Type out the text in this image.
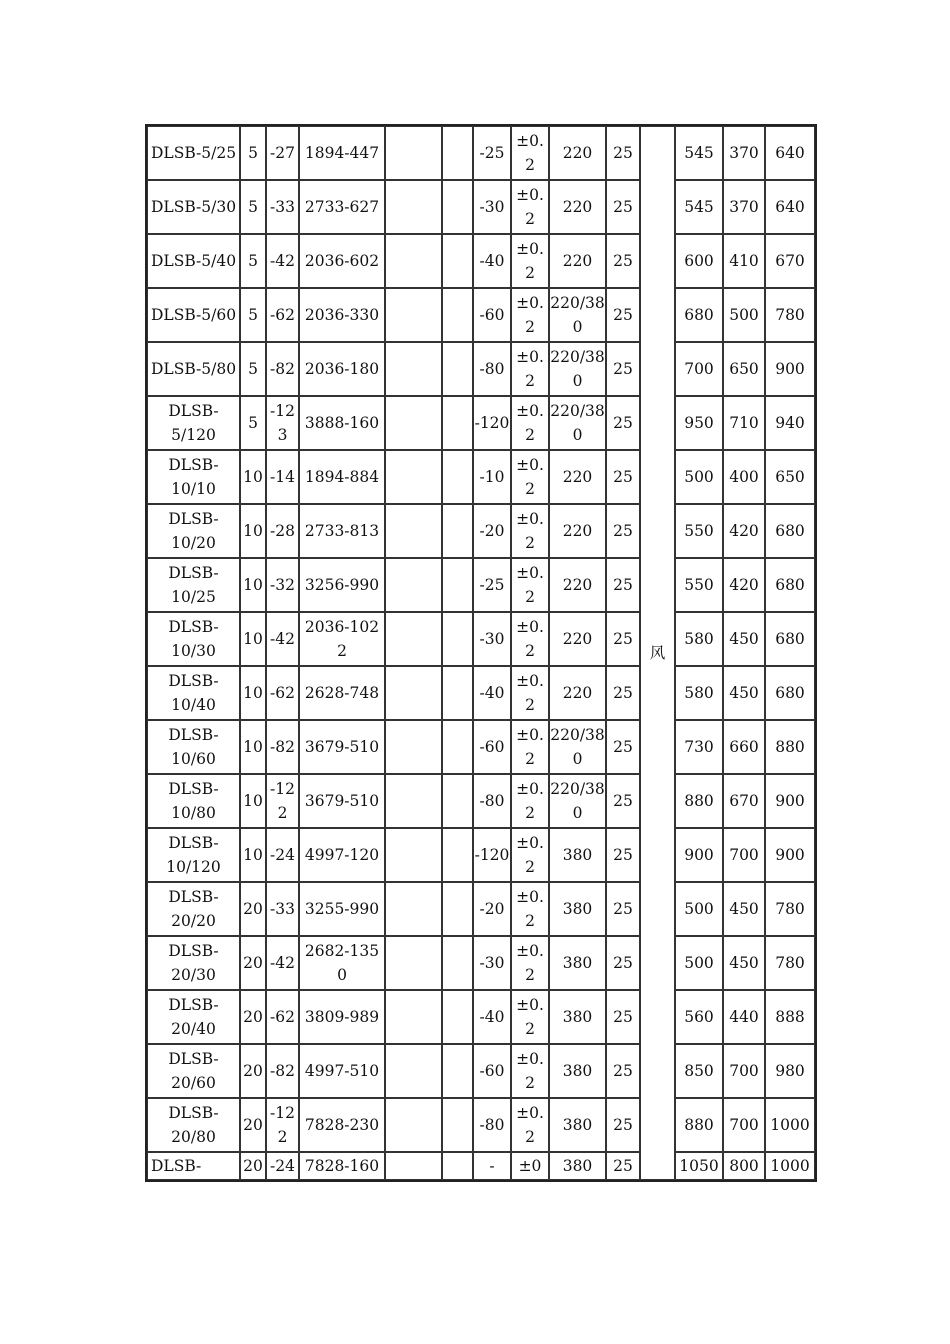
DLSB-5/25	5	-27	1894-447			-25	±0.2	220	25	风	545	370	640

DLSB-5/30	5	-33	2733-627			-30	±0.2	220	25		545	370	640

DLSB-5/40	5	-42	2036-602			-40	±0.2	220	25		600	410	670

DLSB-5/60	5	-62	2036-330			-60	±0.2	220/380	25		680	500	780

DLSB-5/80	5	-82	2036-180			-80	±0.2	220/380	25		700	650	900

DLSB-
5/120	5	-123	3888-160			-120	±0.2	220/380	25		950	710	940

DLSB-
10/10	10	-14	1894-884			-10	±0.2	220	25		500	400	650

DLSB-
10/20	10	-28	2733-813			-20	±0.2	220	25		550	420	680

DLSB-
10/25	10	-32	3256-990			-25	±0.2	220	25		550	420	680

DLSB-
10/30	10	-42	2036-1022			-30	±0.2	220	25		580	450	680

DLSB-
10/40	10	-62	2628-748			-40	±0.2	220	25		580	450	680

DLSB-
10/60	10	-82	3679-510			-60	±0.2	220/380	25		730	660	880

DLSB-
10/80	10	-122	3679-510			-80	±0.2	220/380	25		880	670	900

DLSB-
10/120	10	-24	4997-120			-120	±0.2	380	25		900	700	900

DLSB-
20/20	20	-33	3255-990			-20	±0.2	380	25		500	450	780

DLSB-
20/30	20	-42	2682-1350			-30	±0.2	380	25		500	450	780

DLSB-
20/40	20	-62	3809-989			-40	±0.2	380	25		560	440	888

DLSB-
20/60	20	-82	4997-510			-60	±0.2	380	25		850	700	980

DLSB-
20/80	20	-122	7828-230			-80	±0.2	380	25		880	700	1000

DLSB-	20	-24	7828-160			-	±0	380	25		1050	800	1000
